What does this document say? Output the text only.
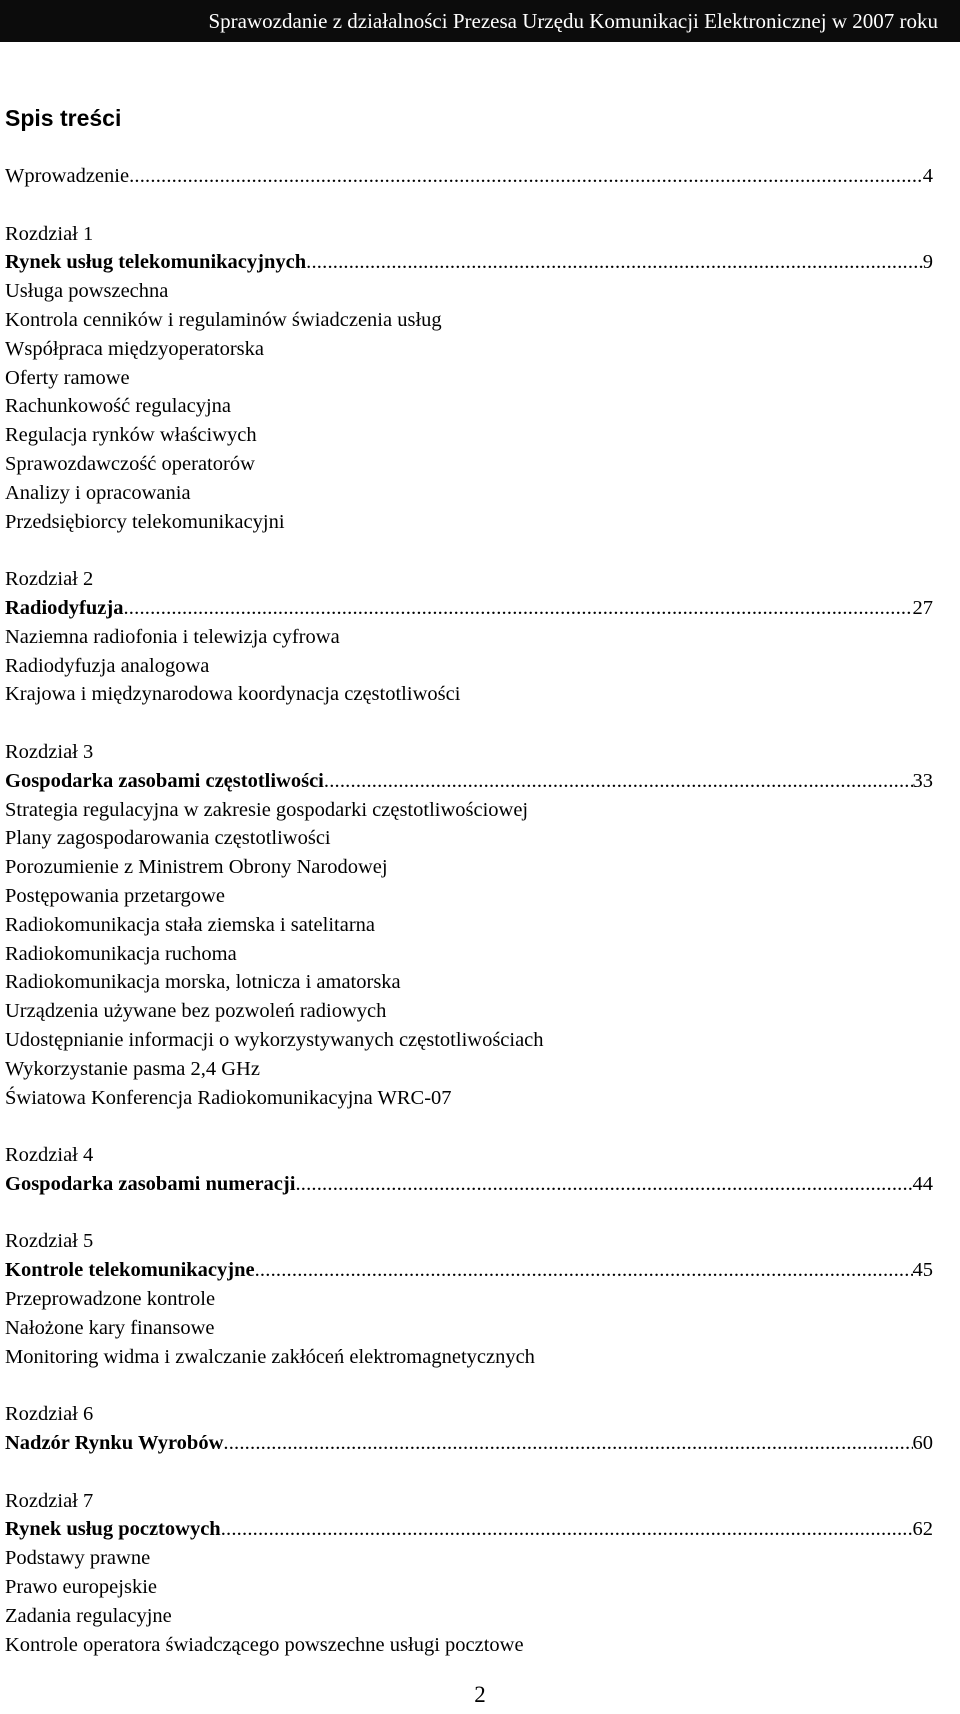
Sprawozdanie z działalności Prezesa Urzędu Komunikacji Elektronicznej w 2007 roku
Spis treści
Wprowadzenie .....	4
Rozdział 1
Rynek usług telekomunikacyjnych .....	9
Usługa powszechna
Kontrola cenników i regulaminów świadczenia usług
Współpraca międzyoperatorska
Oferty ramowe
Rachunkowość regulacyjna
Regulacja rynków właściwych
Sprawozdawczość operatorów
Analizy i opracowania
Przedsiębiorcy telekomunikacyjni
Rozdział 2
Radiodyfuzja .....	27
Naziemna radiofonia i telewizja cyfrowa
Radiodyfuzja analogowa
Krajowa i międzynarodowa koordynacja częstotliwości
Rozdział 3
Gospodarka zasobami częstotliwości .....	33
Strategia regulacyjna w zakresie gospodarki częstotliwościowej
Plany zagospodarowania częstotliwości
Porozumienie z Ministrem Obrony Narodowej
Postępowania przetargowe
Radiokomunikacja stała ziemska i satelitarna
Radiokomunikacja ruchoma
Radiokomunikacja morska, lotnicza i amatorska
Urządzenia używane bez pozwoleń radiowych
Udostępnianie informacji o wykorzystywanych częstotliwościach
Wykorzystanie pasma 2,4 GHz
Światowa Konferencja Radiokomunikacyjna WRC-07
Rozdział 4
Gospodarka zasobami numeracji .....	44
Rozdział 5
Kontrole telekomunikacyjne .....	45
Przeprowadzone kontrole
Nałożone kary finansowe
Monitoring widma i zwalczanie zakłóceń elektromagnetycznych
Rozdział 6
Nadzór Rynku Wyrobów .....	60
Rozdział 7
Rynek usług pocztowych .....	62
Podstawy prawne
Prawo europejskie
Zadania regulacyjne
Kontrole operatora świadczącego powszechne usługi pocztowe
2
